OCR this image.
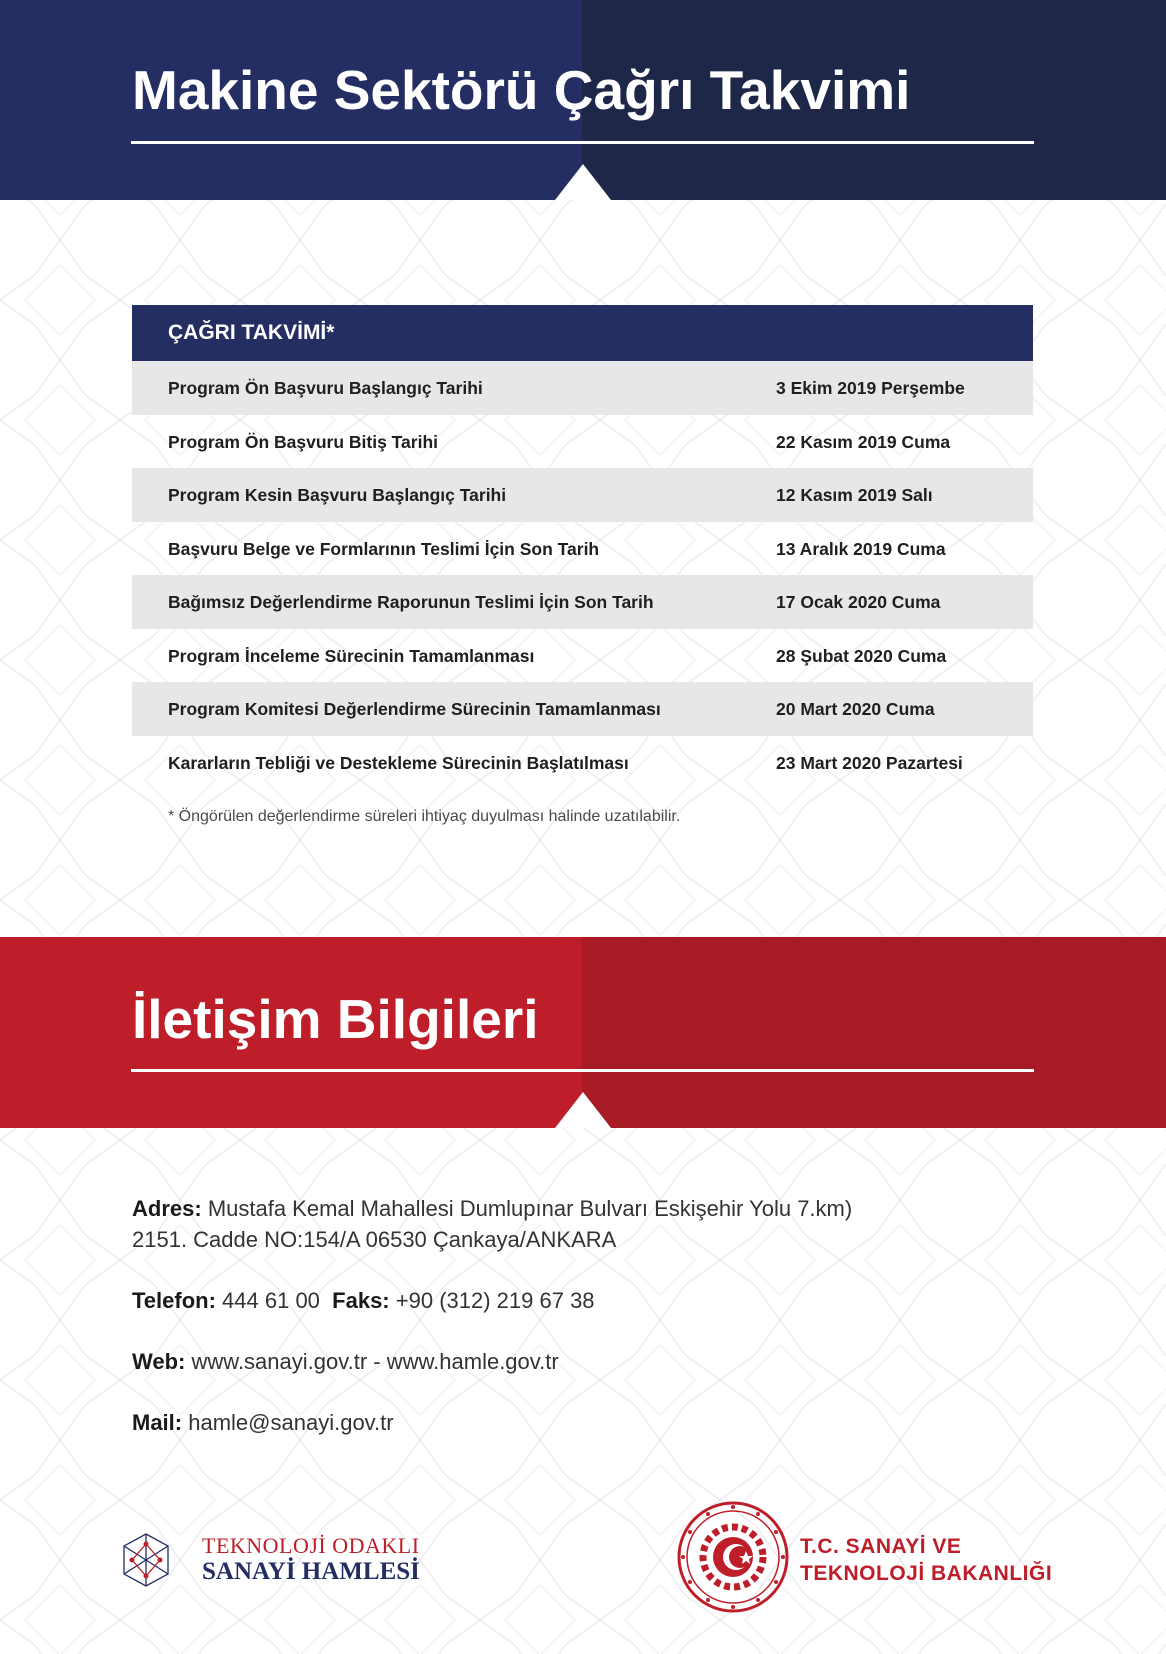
Makine Sektörü Çağrı Takvimi
ÇAĞRI TAKVİMİ*
Program Ön Başvuru Başlangıç Tarihi	3 Ekim 2019 Perşembe
Program Ön Başvuru Bitiş Tarihi	22 Kasım 2019 Cuma
Program Kesin Başvuru Başlangıç Tarihi	12 Kasım 2019 Salı
Başvuru Belge ve Formlarının Teslimi İçin Son Tarih	13 Aralık 2019 Cuma
Bağımsız Değerlendirme Raporunun Teslimi İçin Son Tarih	17 Ocak 2020 Cuma
Program İnceleme Sürecinin Tamamlanması	28 Şubat 2020 Cuma
Program Komitesi Değerlendirme Sürecinin Tamamlanması	20 Mart 2020 Cuma
Kararların Tebliği ve Destekleme Sürecinin Başlatılması	23 Mart 2020 Pazartesi
* Öngörülen değerlendirme süreleri ihtiyaç duyulması halinde uzatılabilir.
İletişim Bilgileri
Adres: Mustafa Kemal Mahallesi Dumlupınar Bulvarı Eskişehir Yolu 7.km)
2151. Cadde NO:154/A 06530 Çankaya/ANKARA
Telefon: 444 61 00 Faks: +90 (312) 219 67 38
Web: www.sanayi.gov.tr - www.hamle.gov.tr
Mail: hamle@sanayi.gov.tr
TEKNOLOJİ ODAKLI
SANAYİ HAMLESİ
T.C. SANAYİ VE
TEKNOLOJİ BAKANLIĞI
